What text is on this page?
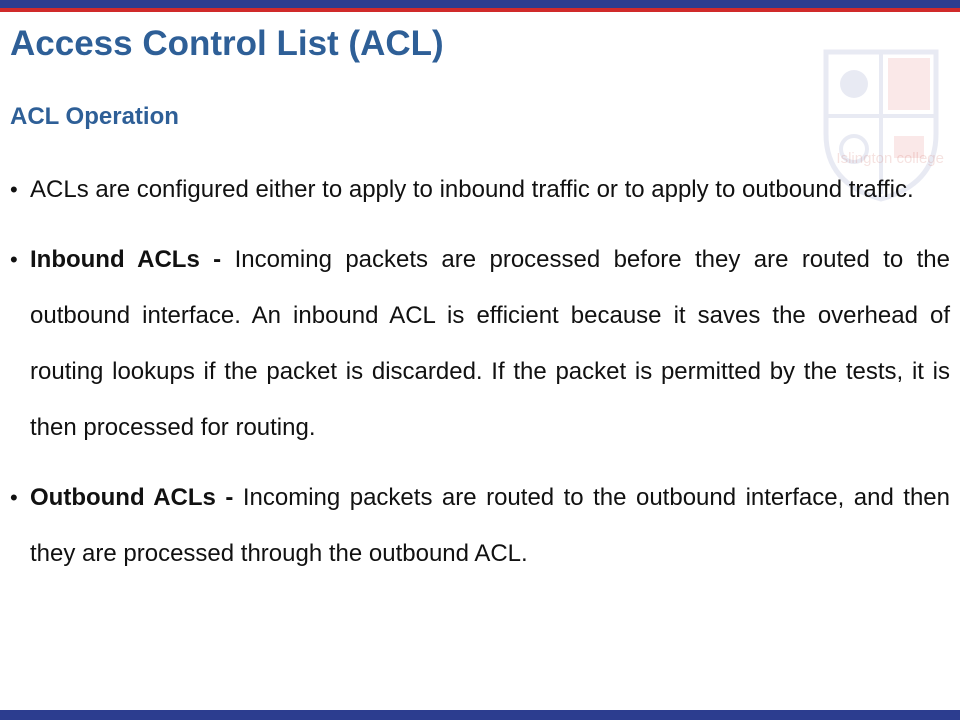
Islington college
Access Control List (ACL)
ACL Operation
• ACLs are configured either to apply to inbound traffic or to apply to outbound traffic.
• Inbound ACLs - Incoming packets are processed before they are routed to the outbound interface. An inbound ACL is efficient because it saves the overhead of routing lookups if the packet is discarded. If the packet is permitted by the tests, it is then processed for routing.
• Outbound ACLs - Incoming packets are routed to the outbound interface, and then they are processed through the outbound ACL.
